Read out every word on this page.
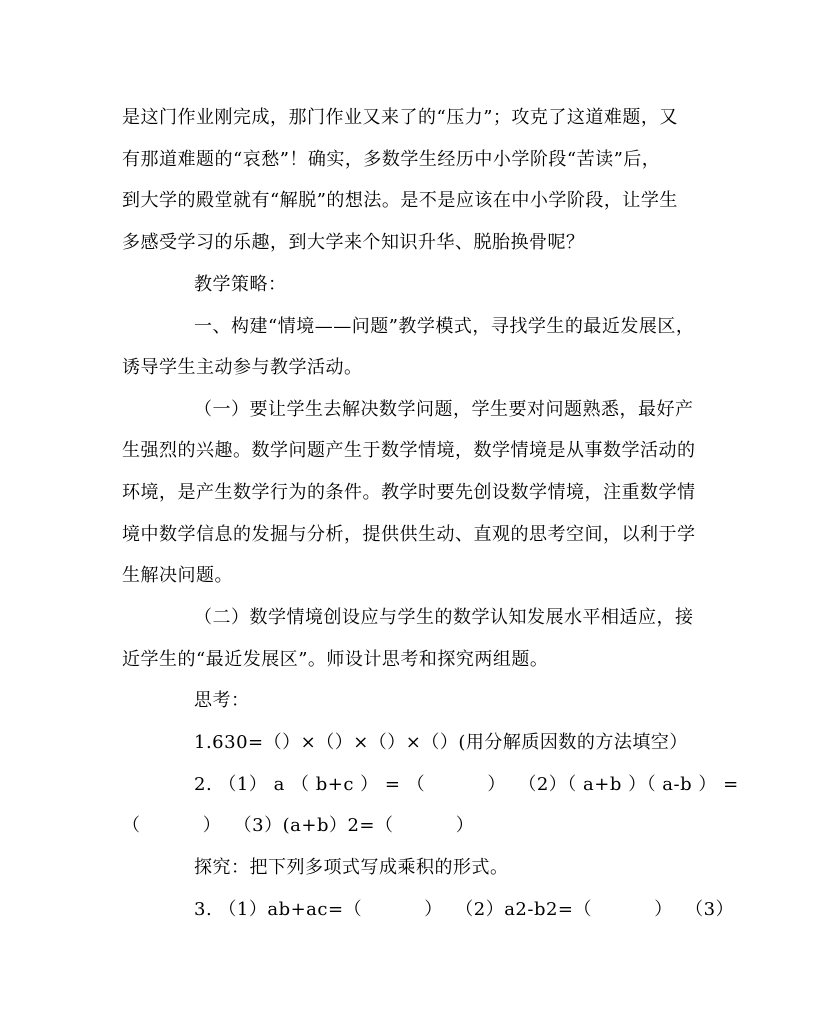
是这门作业刚完成，那门作业又来了的“压力”；攻克了这道难题，又
有那道难题的“哀愁”！确实，多数学生经历中小学阶段“苦读”后，
到大学的殿堂就有“解脱”的想法。是不是应该在中小学阶段，让学生
多感受学习的乐趣，到大学来个知识升华、脱胎换骨呢？
教学策略：
一、构建“情境——问题”教学模式，寻找学生的最近发展区，
诱导学生主动参与教学活动。
（一）要让学生去解决数学问题，学生要对问题熟悉，最好产
生强烈的兴趣。数学问题产生于数学情境，数学情境是从事数学活动的
环境，是产生数学行为的条件。教学时要先创设数学情境，注重数学情
境中数学信息的发掘与分析，提供供生动、直观的思考空间，以利于学
生解决问题。
（二）数学情境创设应与学生的数学认知发展水平相适应，接
近学生的“最近发展区”。师设计思考和探究两组题。
思考：
1.630=（）×（）×（）×（）(用分解质因数的方法填空）
2. （1） a （ b+c ） = （          ）  （2）（ a+b ）（ a-b ） =
（          ）  （3）(a+b）2=（          ）
探究：把下列多项式写成乘积的形式。
3. （1）ab+ac=（          ）  （2）a2-b2=（          ）  （3）
